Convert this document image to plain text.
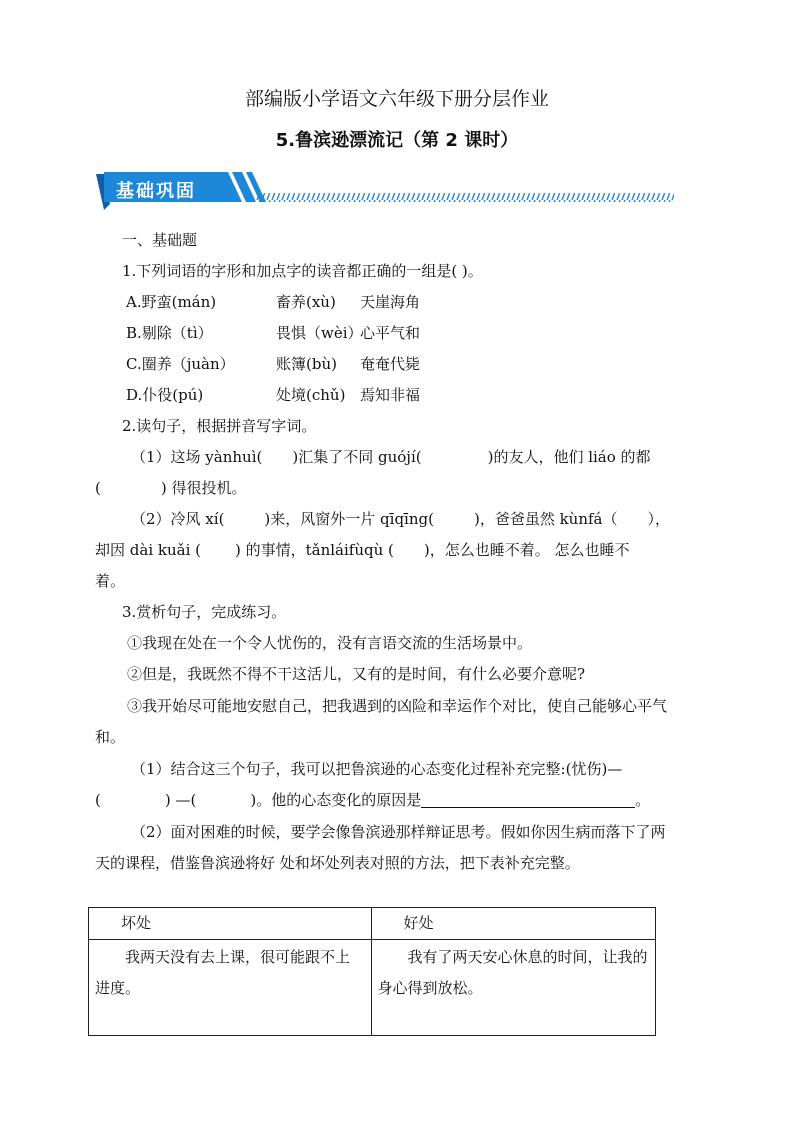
部编版小学语文六年级下册分层作业
5.鲁滨逊漂流记（第 2 课时）
基础巩固
一、基础题
1.下列词语的字形和加点字的读音都正确的一组是( )。
A.野蛮(mán)	畜养(xù) 天崖海角
B.剔除（tì）	畏惧（wèi）心平气和
C.圈养（juàn）	账簿(bù) 奄奄代毙
D.仆役(pú)	处境(chǔ) 焉知非福
2.读句子，根据拼音写字词。
（1）这场 yànhuì( )汇集了不同 guójí(	)的友人，他们 liáo 的都
(	) 得很投机。
（2）冷风 xí(	)来，风窗外一片 qīqīng(	)，爸爸虽然 kùnfá（ ），
却因 dài kuǎi ( ) 的事情，tǎnláifùqù ( )，怎么也睡不着。 怎么也睡不
着。
3.赏析句子，完成练习。
①我现在处在一个令人忧伤的，没有言语交流的生活场景中。
②但是，我既然不得不干这活儿，又有的是时间，有什么必要介意呢?
③我开始尽可能地安慰自己，把我遇到的凶险和幸运作个对比，使自己能够心平气
和。
（1）结合这三个句子，我可以把鲁滨逊的心态变化过程补充完整:(忧伤)—
(	) —(	)。他的心态变化的原因是	。
（2）面对困难的时候，要学会像鲁滨逊那样辩证思考。假如你因生病而落下了两
天的课程，借鉴鲁滨逊将好 处和坏处列表对照的方法，把下表补充完整。
坏处	好处
我两天没有去上课，很可能跟不上进度。	我有了两天安心休息的时间，让我的身心得到放松。
